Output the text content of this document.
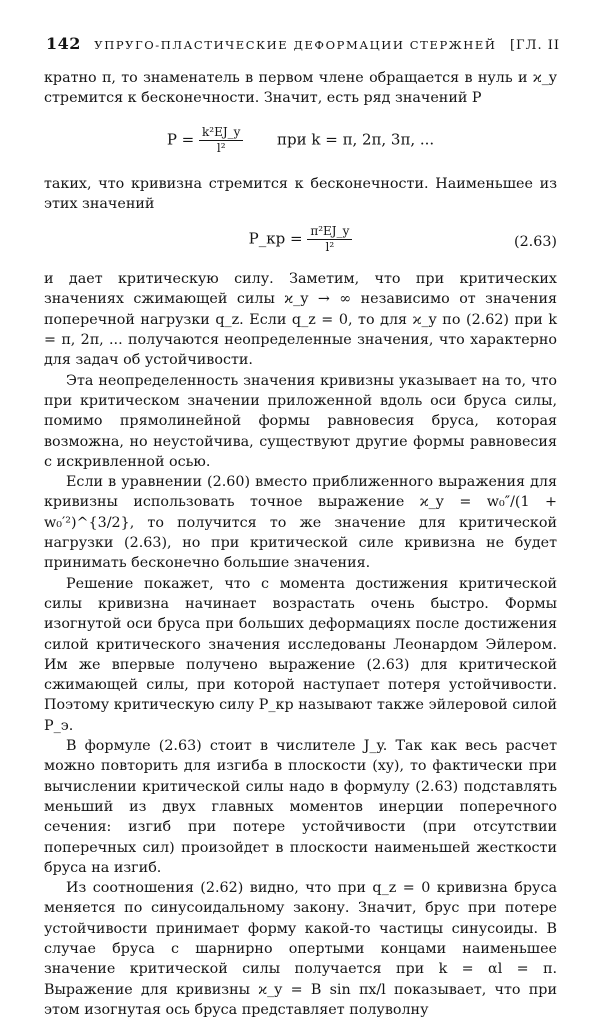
142 УПРУГО-ПЛАСТИЧЕСКИЕ ДЕФОРМАЦИИ СТЕРЖНЕЙ [ГЛ. II

кратно π, то знаменатель в первом члене обращается в нуль и ϰ_y стремится к бесконечности. Значит, есть ряд значений P

$P = \frac{\text{k²EJ\_y}}{\text{l²}}$ при k = π, 2π, 3π, ...

таких, что кривизна стремится к бесконечности. Наименьшее из этих значений

P_кр = $\frac{\text{π²EJ\_y}}{\text{l²}}$	(2.63)

и дает критическую силу. Заметим, что при критических значениях сжимающей силы ϰ_y → ∞ независимо от значения поперечной нагрузки q_z. Если q_z = 0, то для ϰ_y по (2.62) при k = π, 2π, ... получаются неопределенные значения, что характерно для задач об устойчивости.

Эта неопределенность значения кривизны указывает на то, что при критическом значении приложенной вдоль оси бруса силы, помимо прямолинейной формы равновесия бруса, которая возможна, но неустойчива, существуют другие формы равновесия с искривленной осью.

Если в уравнении (2.60) вместо приближенного выражения для кривизны использовать точное выражение ϰ_y = w₀″/(1 + w₀′²)^{3/2}, то получится то же значение для критической нагрузки (2.63), но при критической силе кривизна не будет принимать бесконечно большие значения.

Решение покажет, что с момента достижения критической силы кривизна начинает возрастать очень быстро. Формы изогнутой оси бруса при больших деформациях после достижения силой критического значения исследованы Леонардом Эйлером. Им же впервые получено выражение (2.63) для критической сжимающей силы, при которой наступает потеря устойчивости. Поэтому критическую силу P_кр называют также эйлеровой силой P_э.

В формуле (2.63) стоит в числителе J_y. Так как весь расчет можно повторить для изгиба в плоскости (xy), то фактически при вычислении критической силы надо в формулу (2.63) подставлять меньший из двух главных моментов инерции поперечного сечения: изгиб при потере устойчивости (при отсутствии поперечных сил) произойдет в плоскости наименьшей жесткости бруса на изгиб.

Из соотношения (2.62) видно, что при q_z = 0 кривизна бруса меняется по синусоидальному закону. Значит, брус при потере устойчивости принимает форму какой-то частицы синусоиды. В случае бруса с шарнирно опертыми концами наименьшее значение критической силы получается при k = αl = π. Выражение для кривизны ϰ_y = B sin πx/l показывает, что при этом изогнутая ось бруса представляет полуволну
